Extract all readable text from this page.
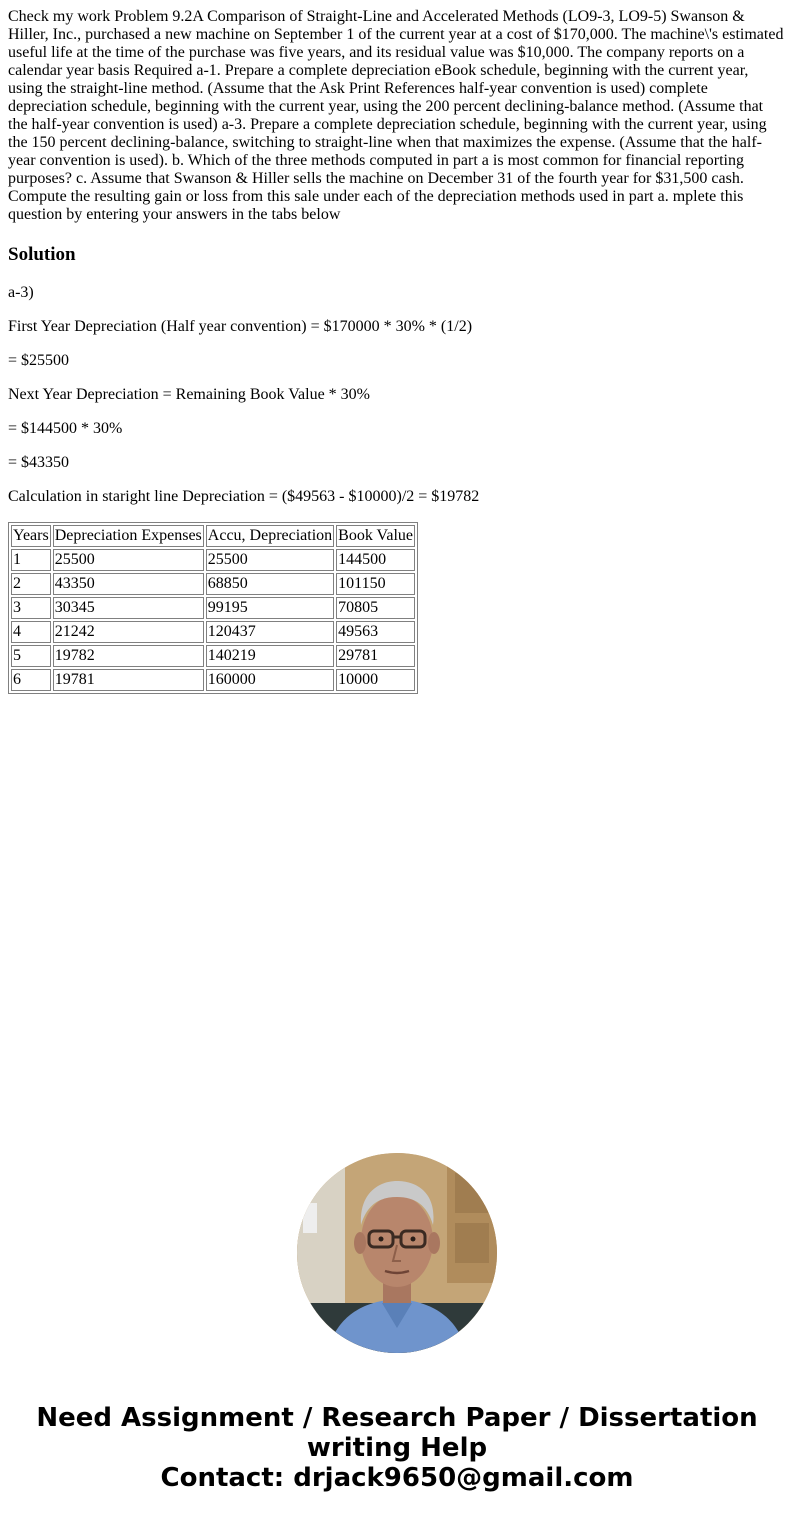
Check my work Problem 9.2A Comparison of Straight-Line and Accelerated Methods (LO9-3, LO9-5) Swanson & Hiller, Inc., purchased a new machine on September 1 of the current year at a cost of $170,000. The machine\'s estimated useful life at the time of the purchase was five years, and its residual value was $10,000. The company reports on a calendar year basis Required a-1. Prepare a complete depreciation eBook schedule, beginning with the current year, using the straight-line method. (Assume that the Ask Print References half-year convention is used) complete depreciation schedule, beginning with the current year, using the 200 percent declining-balance method. (Assume that the half-year convention is used) a-3. Prepare a complete depreciation schedule, beginning with the current year, using the 150 percent declining-balance, switching to straight-line when that maximizes the expense. (Assume that the half-year convention is used). b. Which of the three methods computed in part a is most common for financial reporting purposes? c. Assume that Swanson & Hiller sells the machine on December 31 of the fourth year for $31,500 cash. Compute the resulting gain or loss from this sale under each of the depreciation methods used in part a. mplete this question by entering your answers in the tabs below

Solution

a-3)

First Year Depreciation (Half year convention) = $170000 * 30% * (1/2)

= $25500

Next Year Depreciation = Remaining Book Value * 30%

= $144500 * 30%

= $43350

Calculation in staright line Depreciation = ($49563 - $10000)/2 = $19782

Years	Depreciation Expenses	Accu, Depreciation	Book Value
1	25500	25500	144500
2	43350	68850	101150
3	30345	99195	70805
4	21242	120437	49563
5	19782	140219	29781
6	19781	160000	10000
Need Assignment / Research Paper / Dissertation
writing Help
Contact: drjack9650@gmail.com
